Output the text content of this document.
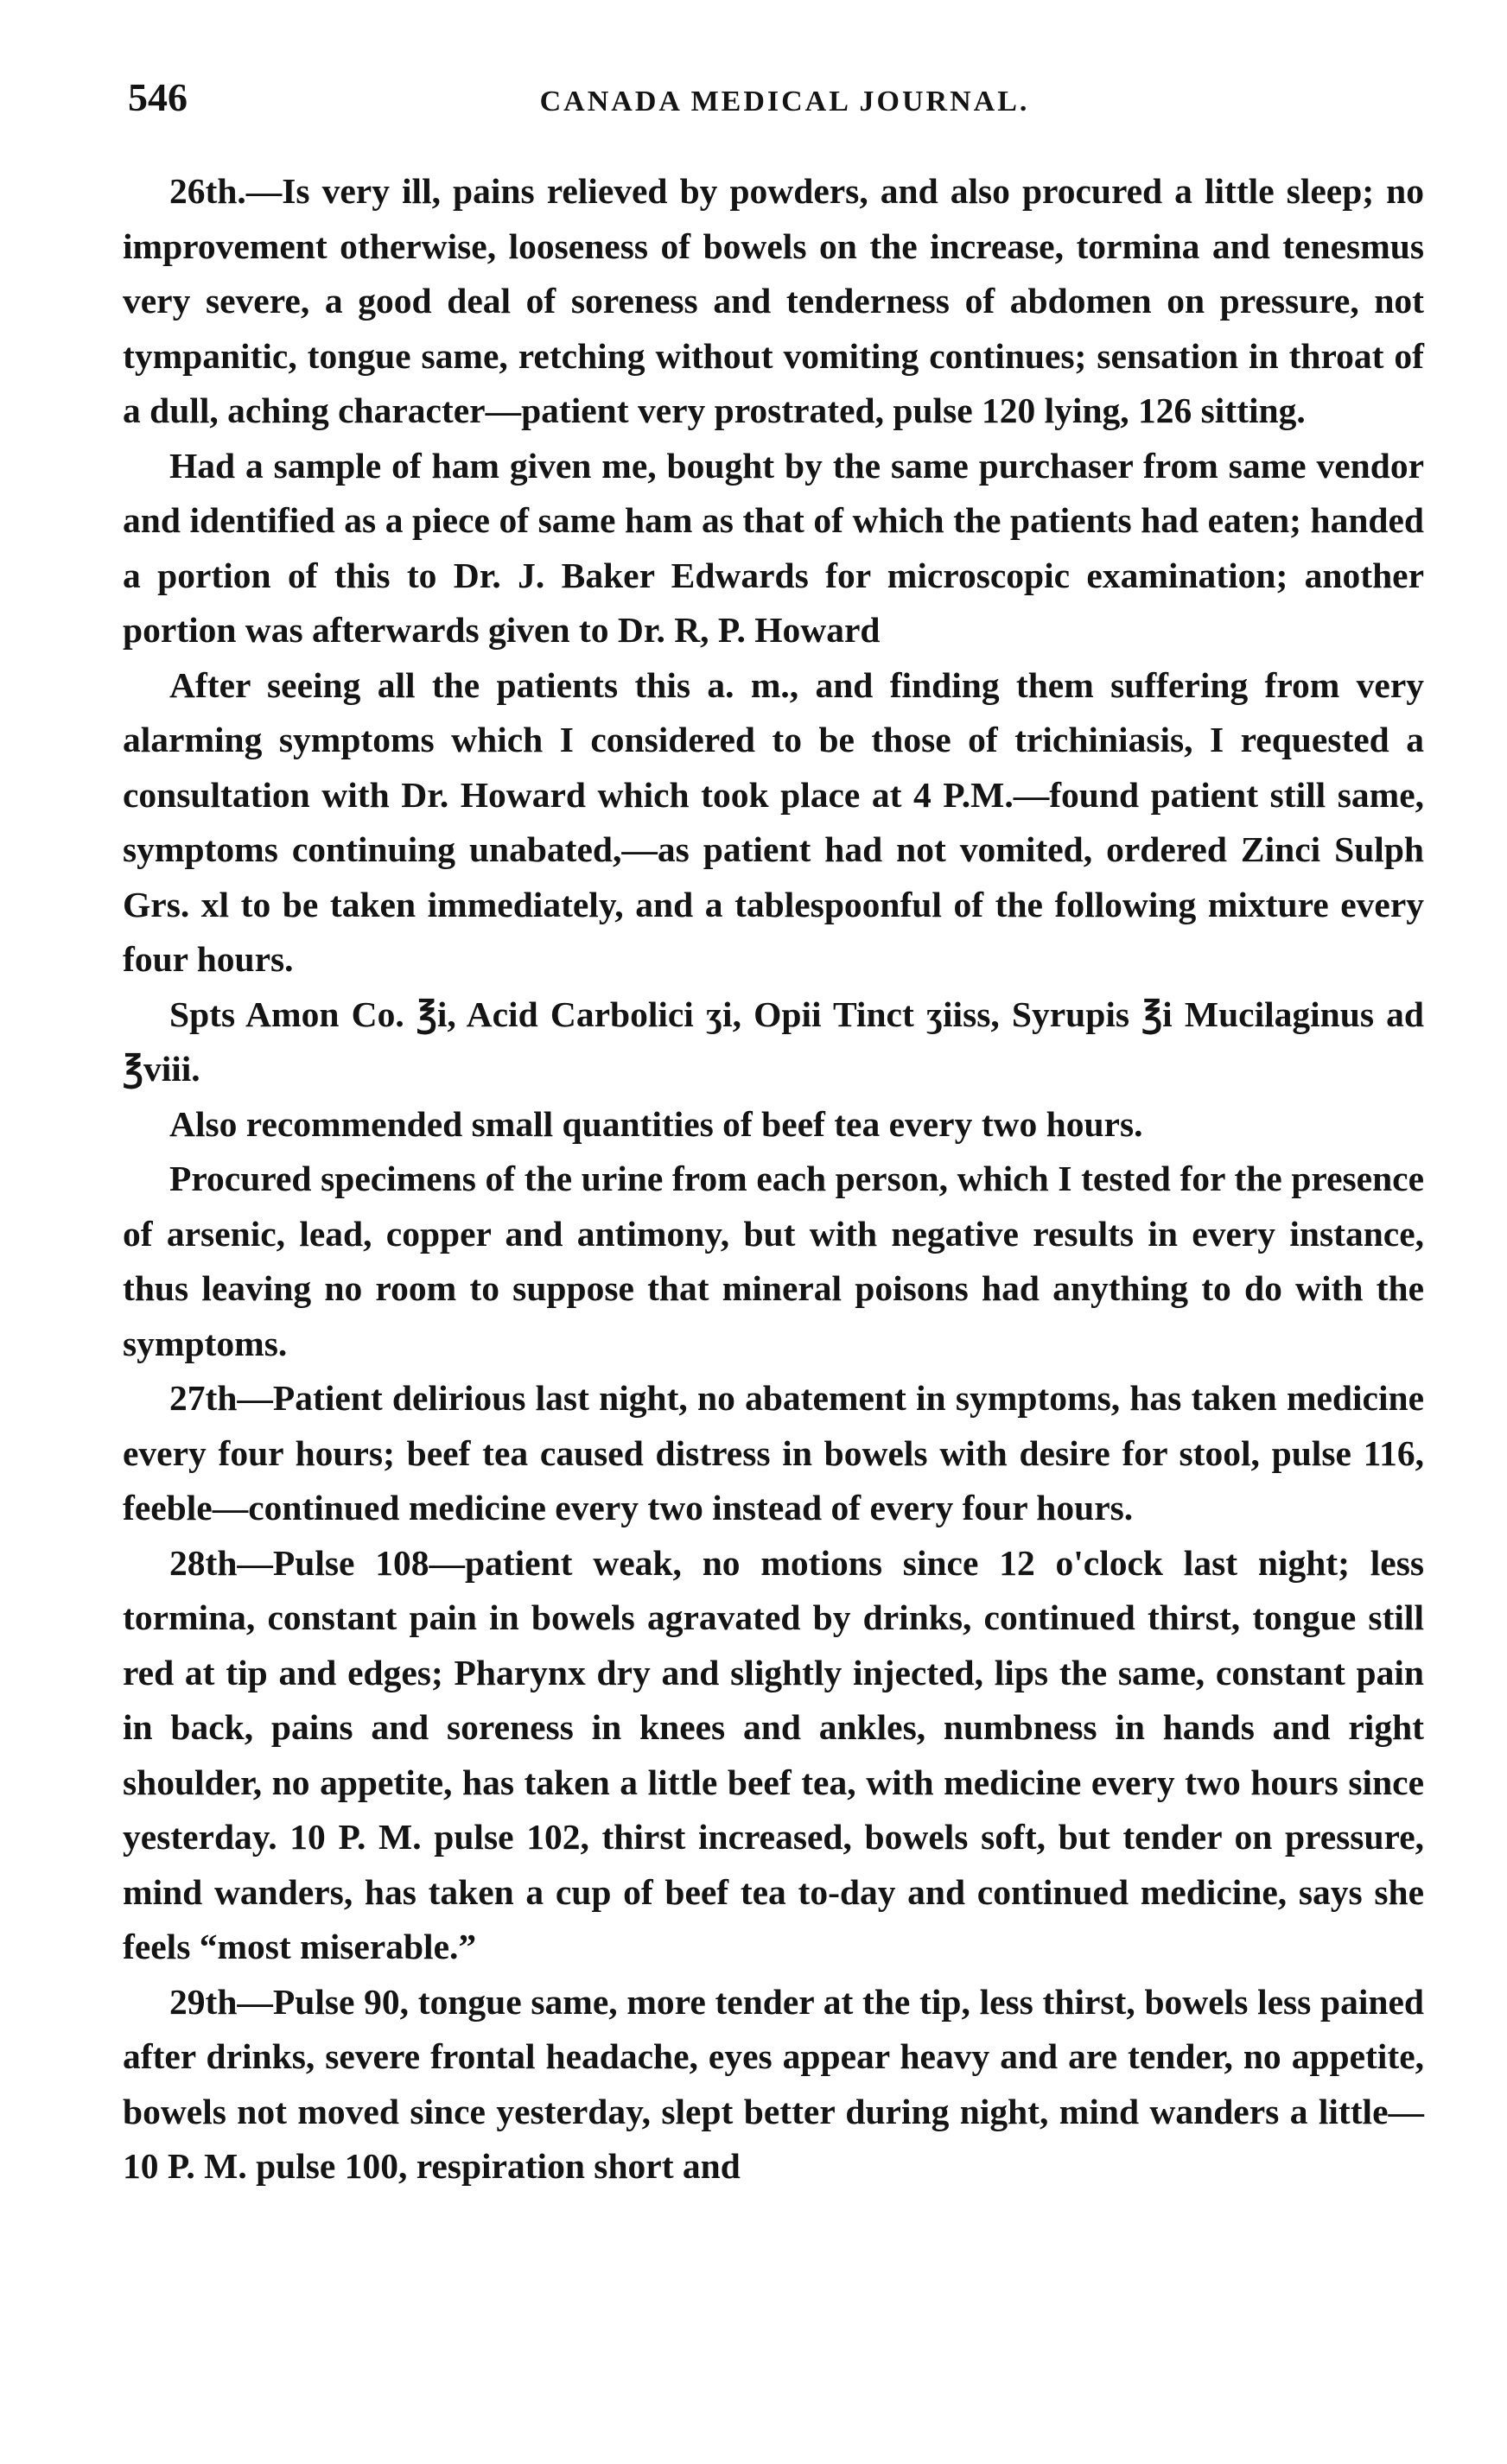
546	CANADA MEDICAL JOURNAL.

26th.—Is very ill, pains relieved by powders, and also procured a little sleep; no improvement otherwise, looseness of bowels on the increase, tormina and tenesmus very severe, a good deal of soreness and tenderness of abdomen on pressure, not tympanitic, tongue same, retching without vomiting continues; sensation in throat of a dull, aching character—patient very prostrated, pulse 120 lying, 126 sitting.

Had a sample of ham given me, bought by the same purchaser from same vendor and identified as a piece of same ham as that of which the patients had eaten; handed a portion of this to Dr. J. Baker Edwards for microscopic examination; another portion was afterwards given to Dr. R, P. Howard

After seeing all the patients this a. m., and finding them suffering from very alarming symptoms which I considered to be those of trichiniasis, I requested a consultation with Dr. Howard which took place at 4 P.M.—found patient still same, symptoms continuing unabated,—as patient had not vomited, ordered Zinci Sulph Grs. xl to be taken immediately, and a tablespoonful of the following mixture every four hours.

Spts Amon Co. ℥i, Acid Carbolici ʒi, Opii Tinct ʒiiss, Syrupis ℥i Mucilaginus ad ℥viii.

Also recommended small quantities of beef tea every two hours.

Procured specimens of the urine from each person, which I tested for the presence of arsenic, lead, copper and antimony, but with negative results in every instance, thus leaving no room to suppose that mineral poisons had anything to do with the symptoms.

27th—Patient delirious last night, no abatement in symptoms, has taken medicine every four hours; beef tea caused distress in bowels with desire for stool, pulse 116, feeble—continued medicine every two instead of every four hours.

28th—Pulse 108—patient weak, no motions since 12 o'clock last night; less tormina, constant pain in bowels agravated by drinks, continued thirst, tongue still red at tip and edges; Pharynx dry and slightly injected, lips the same, constant pain in back, pains and soreness in knees and ankles, numbness in hands and right shoulder, no appetite, has taken a little beef tea, with medicine every two hours since yesterday. 10 P. M. pulse 102, thirst increased, bowels soft, but tender on pressure, mind wanders, has taken a cup of beef tea to-day and continued medicine, says she feels “most miserable.”

29th—Pulse 90, tongue same, more tender at the tip, less thirst, bowels less pained after drinks, severe frontal headache, eyes appear heavy and are tender, no appetite, bowels not moved since yesterday, slept better during night, mind wanders a little—10 P. M. pulse 100, respiration short and
